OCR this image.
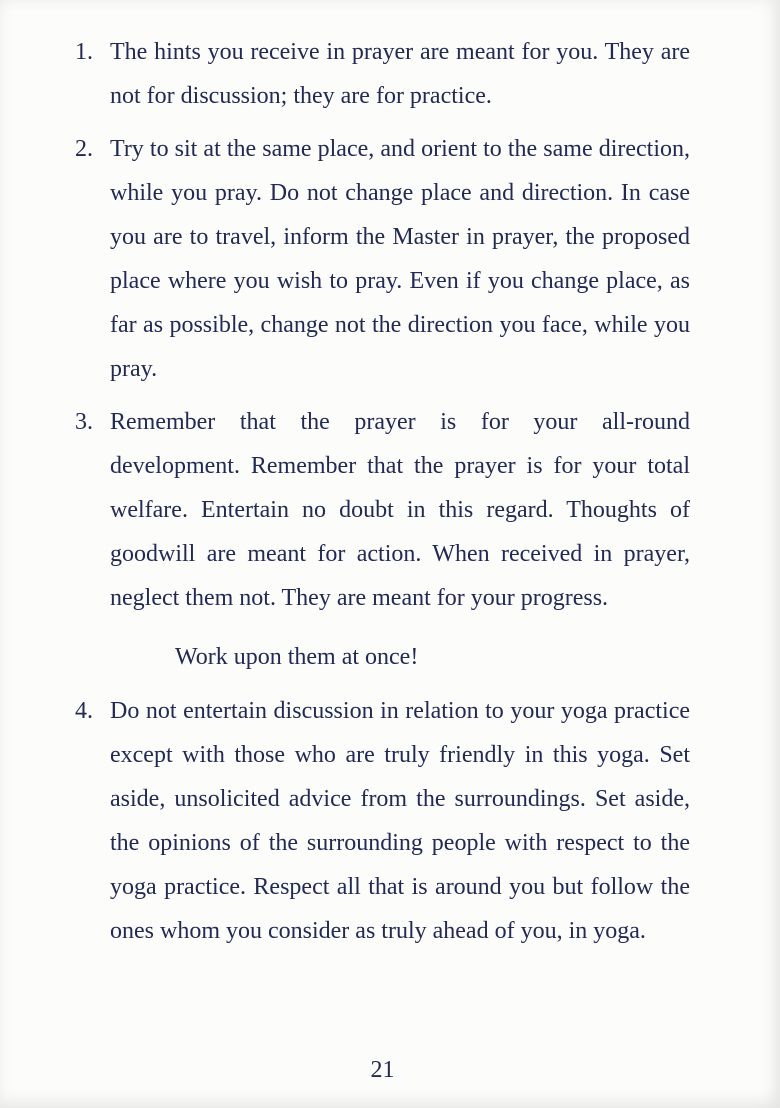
1. The hints you receive in prayer are meant for you. They are not for discussion; they are for practice.

2. Try to sit at the same place, and orient to the same direction, while you pray. Do not change place and direction. In case you are to travel, inform the Master in prayer, the proposed place where you wish to pray. Even if you change place, as far as possible, change not the direction you face, while you pray.

3. Remember that the prayer is for your all-round development. Remember that the prayer is for your total welfare. Entertain no doubt in this regard. Thoughts of goodwill are meant for action. When received in prayer, neglect them not. They are meant for your progress.

Work upon them at once!
4. Do not entertain discussion in relation to your yoga practice except with those who are truly friendly in this yoga. Set aside, unsolicited advice from the surroundings. Set aside, the opinions of the surrounding people with respect to the yoga practice. Respect all that is around you but follow the ones whom you consider as truly ahead of you, in yoga.

21
